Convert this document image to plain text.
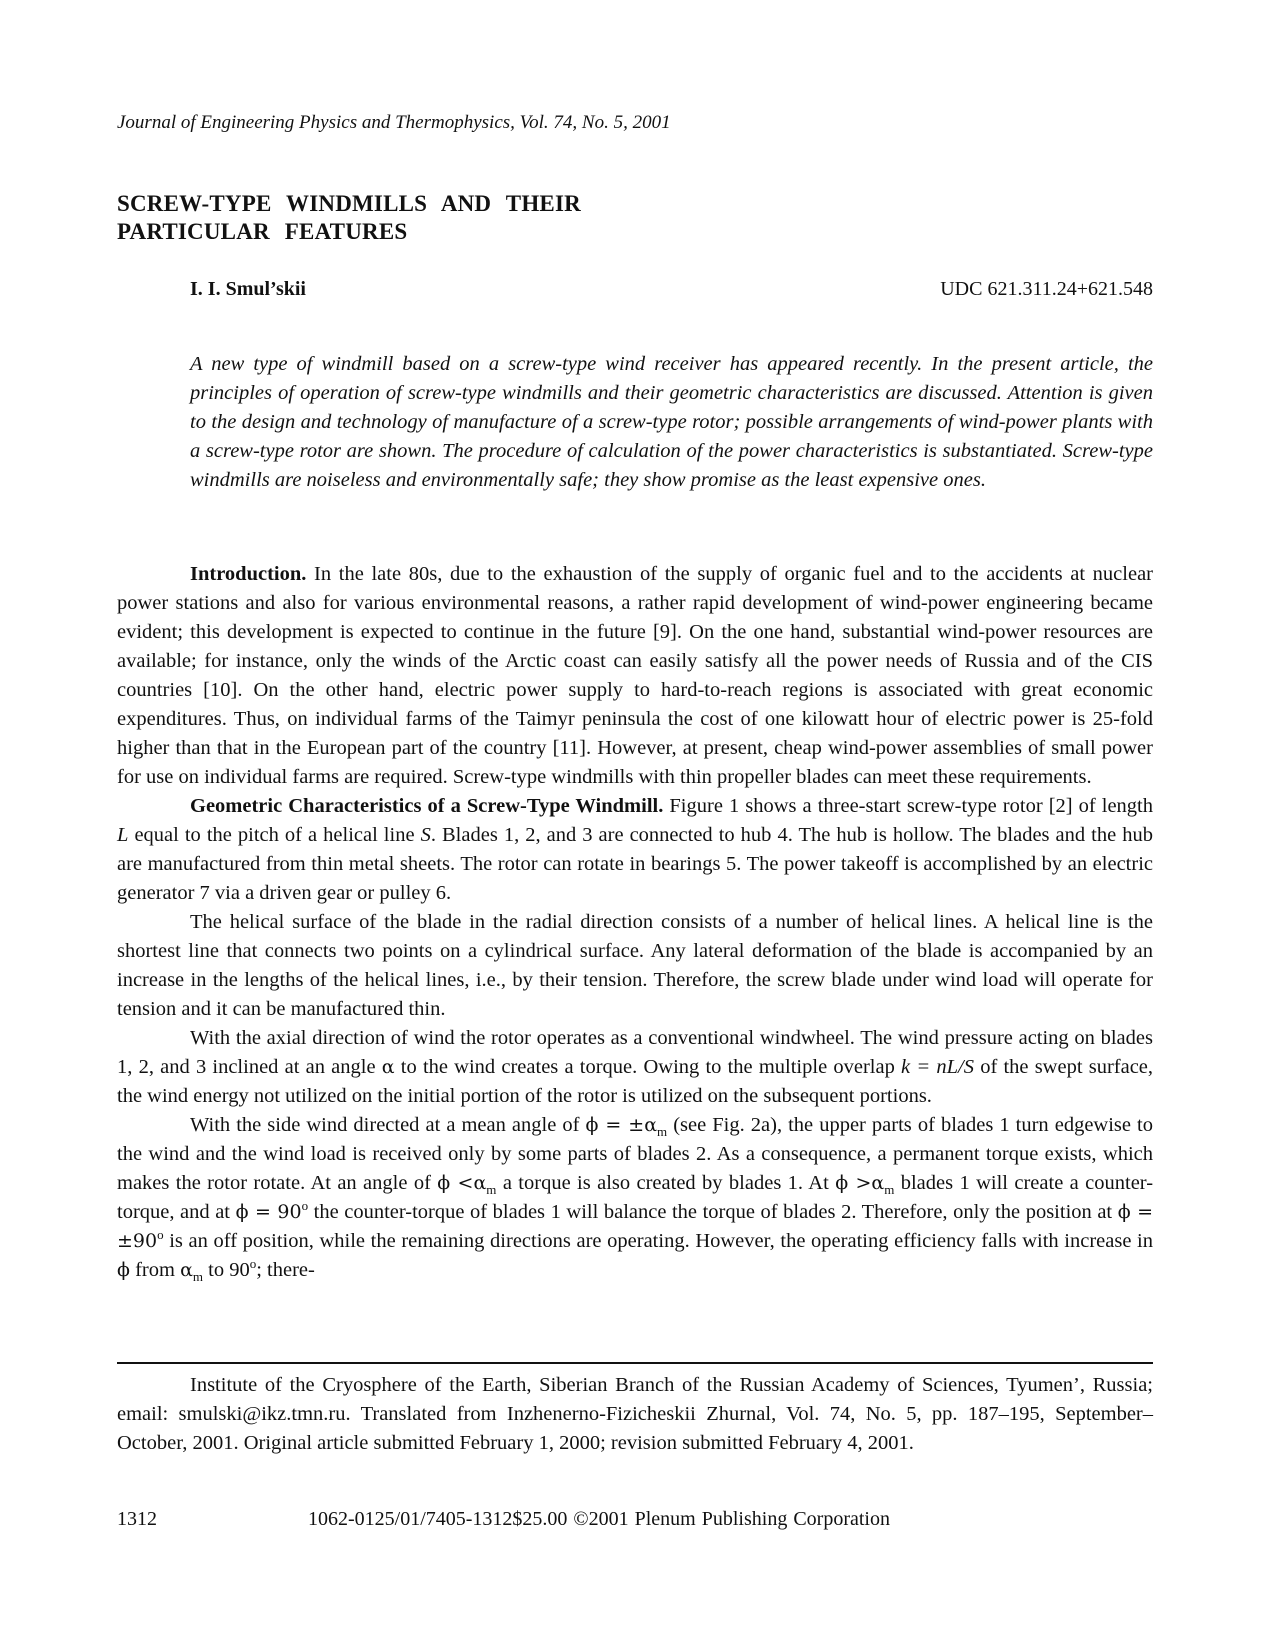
Journal of Engineering Physics and Thermophysics, Vol. 74, No. 5, 2001
SCREW-TYPE WINDMILLS AND THEIR
PARTICULAR FEATURES
I. I. Smul’skii	UDC 621.311.24+621.548
A new type of windmill based on a screw-type wind receiver has appeared recently. In the present article, the principles of operation of screw-type windmills and their geometric characteristics are discussed. Attention is given to the design and technology of manufacture of a screw-type rotor; possible arrangements of wind-power plants with a screw-type rotor are shown. The procedure of calculation of the power characteristics is substantiated. Screw-type windmills are noiseless and environmentally safe; they show promise as the least expensive ones.

Introduction. In the late 80s, due to the exhaustion of the supply of organic fuel and to the accidents at nuclear power stations and also for various environmental reasons, a rather rapid development of wind-power engineering became evident; this development is expected to continue in the future [9]. On the one hand, substantial wind-power resources are available; for instance, only the winds of the Arctic coast can easily satisfy all the power needs of Russia and of the CIS countries [10]. On the other hand, electric power supply to hard-to-reach regions is associated with great economic expenditures. Thus, on individual farms of the Taimyr peninsula the cost of one kilowatt hour of electric power is 25-fold higher than that in the European part of the country [11]. However, at present, cheap wind-power assemblies of small power for use on individual farms are required. Screw-type windmills with thin propeller blades can meet these requirements.

Geometric Characteristics of a Screw-Type Windmill. Figure 1 shows a three-start screw-type rotor [2] of length L equal to the pitch of a helical line S. Blades 1, 2, and 3 are connected to hub 4. The hub is hollow. The blades and the hub are manufactured from thin metal sheets. The rotor can rotate in bearings 5. The power takeoff is accomplished by an electric generator 7 via a driven gear or pulley 6.

The helical surface of the blade in the radial direction consists of a number of helical lines. A helical line is the shortest line that connects two points on a cylindrical surface. Any lateral deformation of the blade is accompanied by an increase in the lengths of the helical lines, i.e., by their tension. Therefore, the screw blade under wind load will operate for tension and it can be manufactured thin.

With the axial direction of wind the rotor operates as a conventional windwheel. The wind pressure acting on blades 1, 2, and 3 inclined at an angle α to the wind creates a torque. Owing to the multiple overlap k = nL/S of the swept surface, the wind energy not utilized on the initial portion of the rotor is utilized on the subsequent portions.

With the side wind directed at a mean angle of $\phi = \pm\alpha_m$ (see Fig. 2a), the upper parts of blades 1 turn edgewise to the wind and the wind load is received only by some parts of blades 2. As a consequence, a permanent torque exists, which makes the rotor rotate. At an angle of $\phi <\alpha_m$ a torque is also created by blades 1. At $\phi >\alpha_m$ blades 1 will create a counter-torque, and at $\phi = 90^o$ the counter-torque of blades 1 will balance the torque of blades 2. Therefore, only the position at $\phi = \pm 90^o$ is an off position, while the remaining directions are operating. However, the operating efficiency falls with increase in ϕ from $\alpha_m$ to 90$^o$; there-

Institute of the Cryosphere of the Earth, Siberian Branch of the Russian Academy of Sciences, Tyumen’, Russia; email: smulski@ikz.tmn.ru. Translated from Inzhenerno-Fizicheskii Zhurnal, Vol. 74, No. 5, pp. 187–195, September–October, 2001. Original article submitted February 1, 2000; revision submitted February 4, 2001.
1312	1062-0125/01/7405-1312$25.00 ©2001 Plenum Publishing Corporation
